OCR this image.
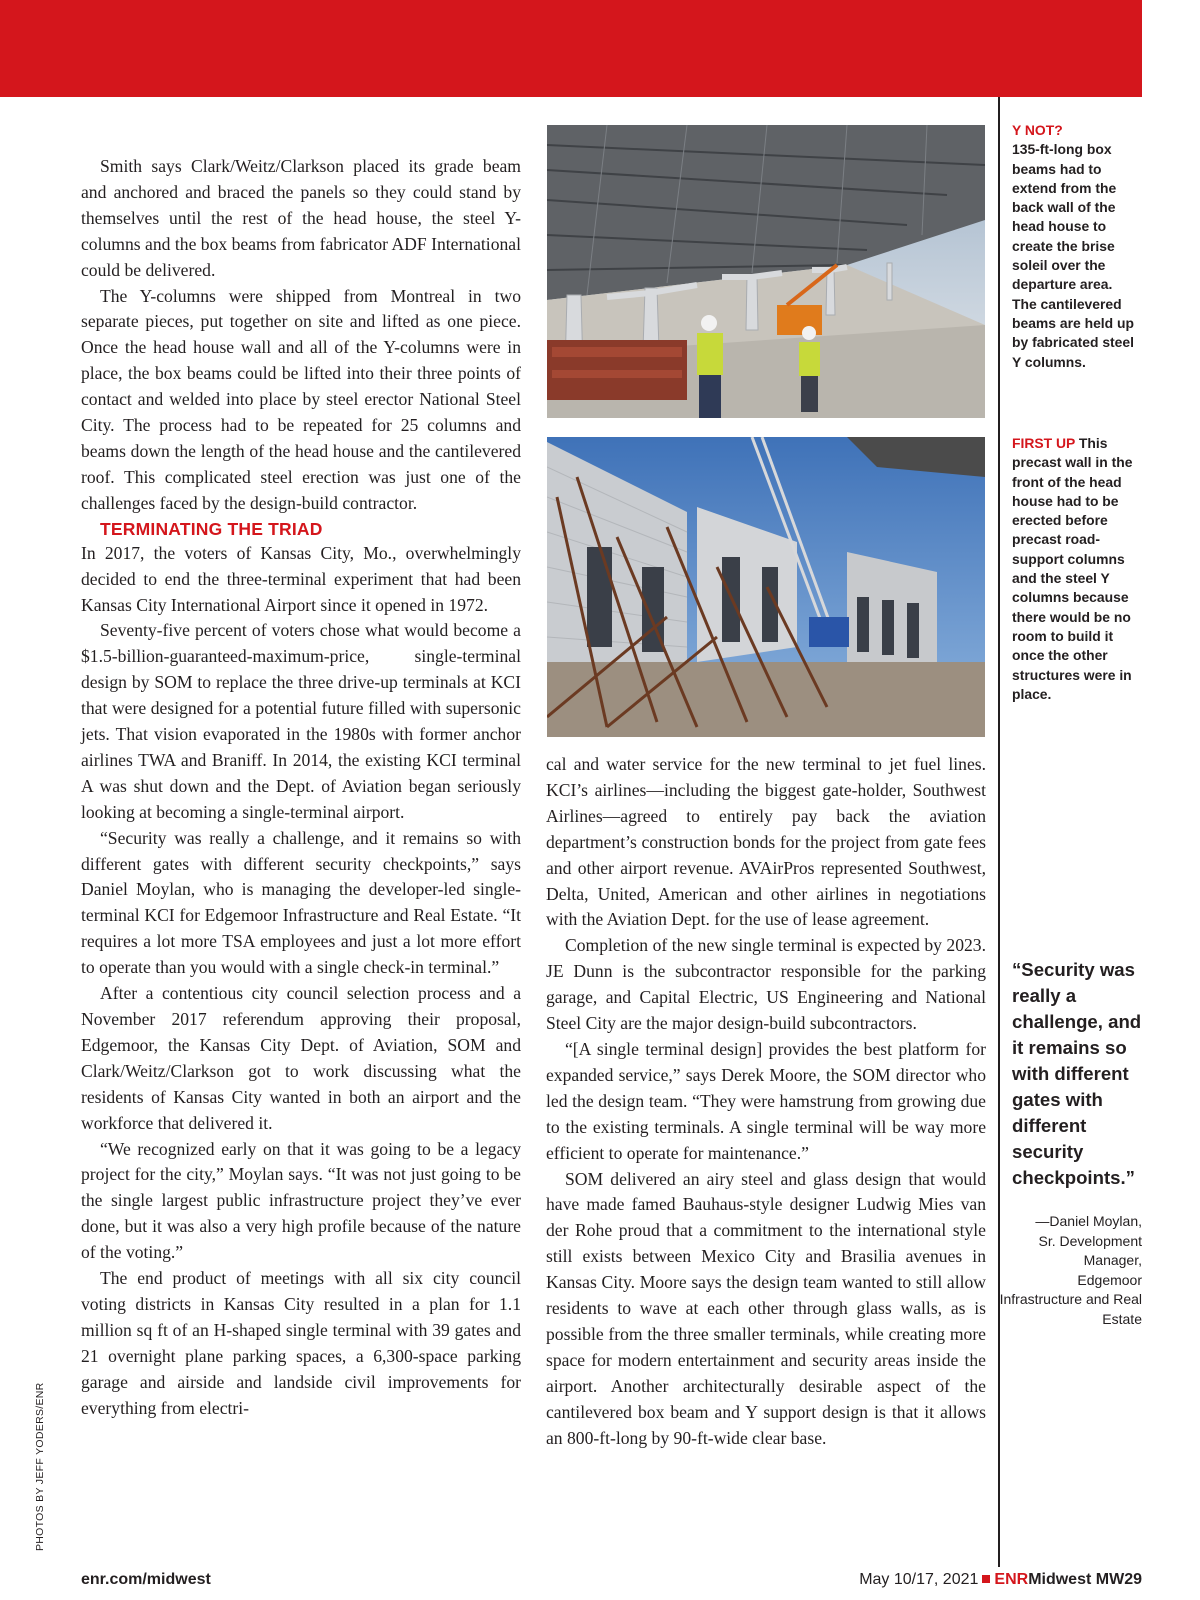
Smith says Clark/Weitz/Clarkson placed its grade beam and anchored and braced the panels so they could stand by themselves until the rest of the head house, the steel Y-columns and the box beams from fabricator ADF International could be delivered.

The Y-columns were shipped from Montreal in two separate pieces, put together on site and lifted as one piece. Once the head house wall and all of the Y-columns were in place, the box beams could be lifted into their three points of contact and welded into place by steel erector National Steel City. The process had to be repeated for 25 columns and beams down the length of the head house and the cantilevered roof. This complicated steel erection was just one of the challenges faced by the design-build contractor.

TERMINATING THE TRIAD

In 2017, the voters of Kansas City, Mo., overwhelmingly decided to end the three-terminal experiment that had been Kansas City International Airport since it opened in 1972.

Seventy-five percent of voters chose what would become a $1.5-billion-guaranteed-maximum-price, single-terminal design by SOM to replace the three drive-up terminals at KCI that were designed for a potential future filled with supersonic jets. That vision evaporated in the 1980s with former anchor airlines TWA and Braniff. In 2014, the existing KCI terminal A was shut down and the Dept. of Aviation began seriously looking at becoming a single-terminal airport.

“Security was really a challenge, and it remains so with different gates with different security checkpoints,” says Daniel Moylan, who is managing the developer-led single-terminal KCI for Edgemoor Infrastructure and Real Estate. “It requires a lot more TSA employees and just a lot more effort to operate than you would with a single check-in terminal.”

After a contentious city council selection process and a November 2017 referendum approving their proposal, Edgemoor, the Kansas City Dept. of Aviation, SOM and Clark/Weitz/Clarkson got to work discussing what the residents of Kansas City wanted in both an airport and the workforce that delivered it.

“We recognized early on that it was going to be a legacy project for the city,” Moylan says. “It was not just going to be the single largest public infrastructure project they’ve ever done, but it was also a very high profile because of the nature of the voting.”

The end product of meetings with all six city council voting districts in Kansas City resulted in a plan for 1.1 million sq ft of an H-shaped single terminal with 39 gates and 21 overnight plane parking spaces, a 6,300-space parking garage and airside and landside civil improvements for everything from electri-

cal and water service for the new terminal to jet fuel lines. KCI’s airlines—including the biggest gate-holder, Southwest Airlines—agreed to entirely pay back the aviation department’s construction bonds for the project from gate fees and other airport revenue. AVAirPros represented Southwest, Delta, United, American and other airlines in negotiations with the Aviation Dept. for the use of lease agreement.

Completion of the new single terminal is expected by 2023. JE Dunn is the subcontractor responsible for the parking garage, and Capital Electric, US Engineering and National Steel City are the major design-build subcontractors.

“[A single terminal design] provides the best platform for expanded service,” says Derek Moore, the SOM director who led the design team. “They were hamstrung from growing due to the existing terminals. A single terminal will be way more efficient to operate for maintenance.”

SOM delivered an airy steel and glass design that would have made famed Bauhaus-style designer Ludwig Mies van der Rohe proud that a commitment to the international style still exists between Mexico City and Brasilia avenues in Kansas City. Moore says the design team wanted to still allow residents to wave at each other through glass walls, as is possible from the three smaller terminals, while creating more space for modern entertainment and security areas inside the airport. Another architecturally desirable aspect of the cantilevered box beam and Y support design is that it allows an 800-ft-long by 90-ft-wide clear base.

Y NOT?
135-ft-long box beams had to extend from the back wall of the head house to create the brise soleil over the departure area. The cantilevered beams are held up by fabricated steel Y columns.
FIRST UP This precast wall in the front of the head house had to be erected before precast road-support columns and the steel Y columns because there would be no room to build it once the other structures were in place.
“Security was really a challenge, and it remains so with different gates with different security checkpoints.”
—Daniel Moylan,
Sr. Development Manager,
Edgemoor Infrastructure and Real Estate
PHOTOS BY JEFF YODERS/ENR
enr.com/midwest	May 10/17, 2021 ENRMidwest MW29
